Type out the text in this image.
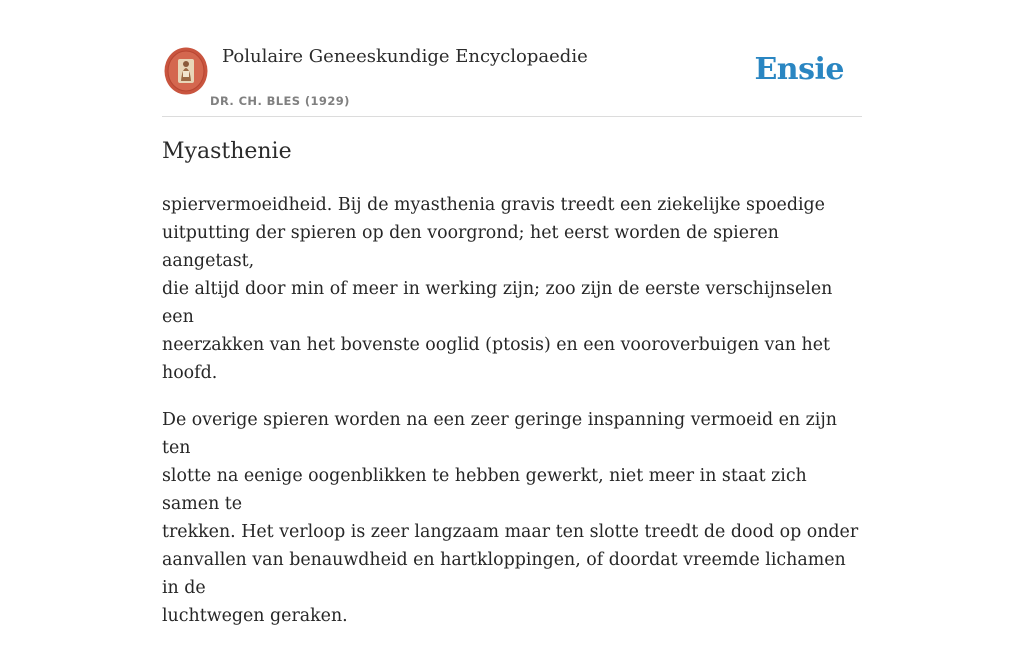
Polulaire Geneeskundige Encyclopaedie
DR. CH. BLES (1929)
Ensie
Myasthenie

spiervermoeidheid. Bij de myasthenia gravis treedt een ziekelijke spoedige
uitputting der spieren op den voorgrond; het eerst worden de spieren aangetast,
die altijd door min of meer in werking zijn; zoo zijn de eerste verschijnselen een
neerzakken van het bovenste ooglid (ptosis) en een vooroverbuigen van het hoofd.

De overige spieren worden na een zeer geringe inspanning vermoeid en zijn ten
slotte na eenige oogenblikken te hebben gewerkt, niet meer in staat zich samen te
trekken. Het verloop is zeer langzaam maar ten slotte treedt de dood op onder
aanvallen van benauwdheid en hartkloppingen, of doordat vreemde lichamen in de
luchtwegen geraken.
